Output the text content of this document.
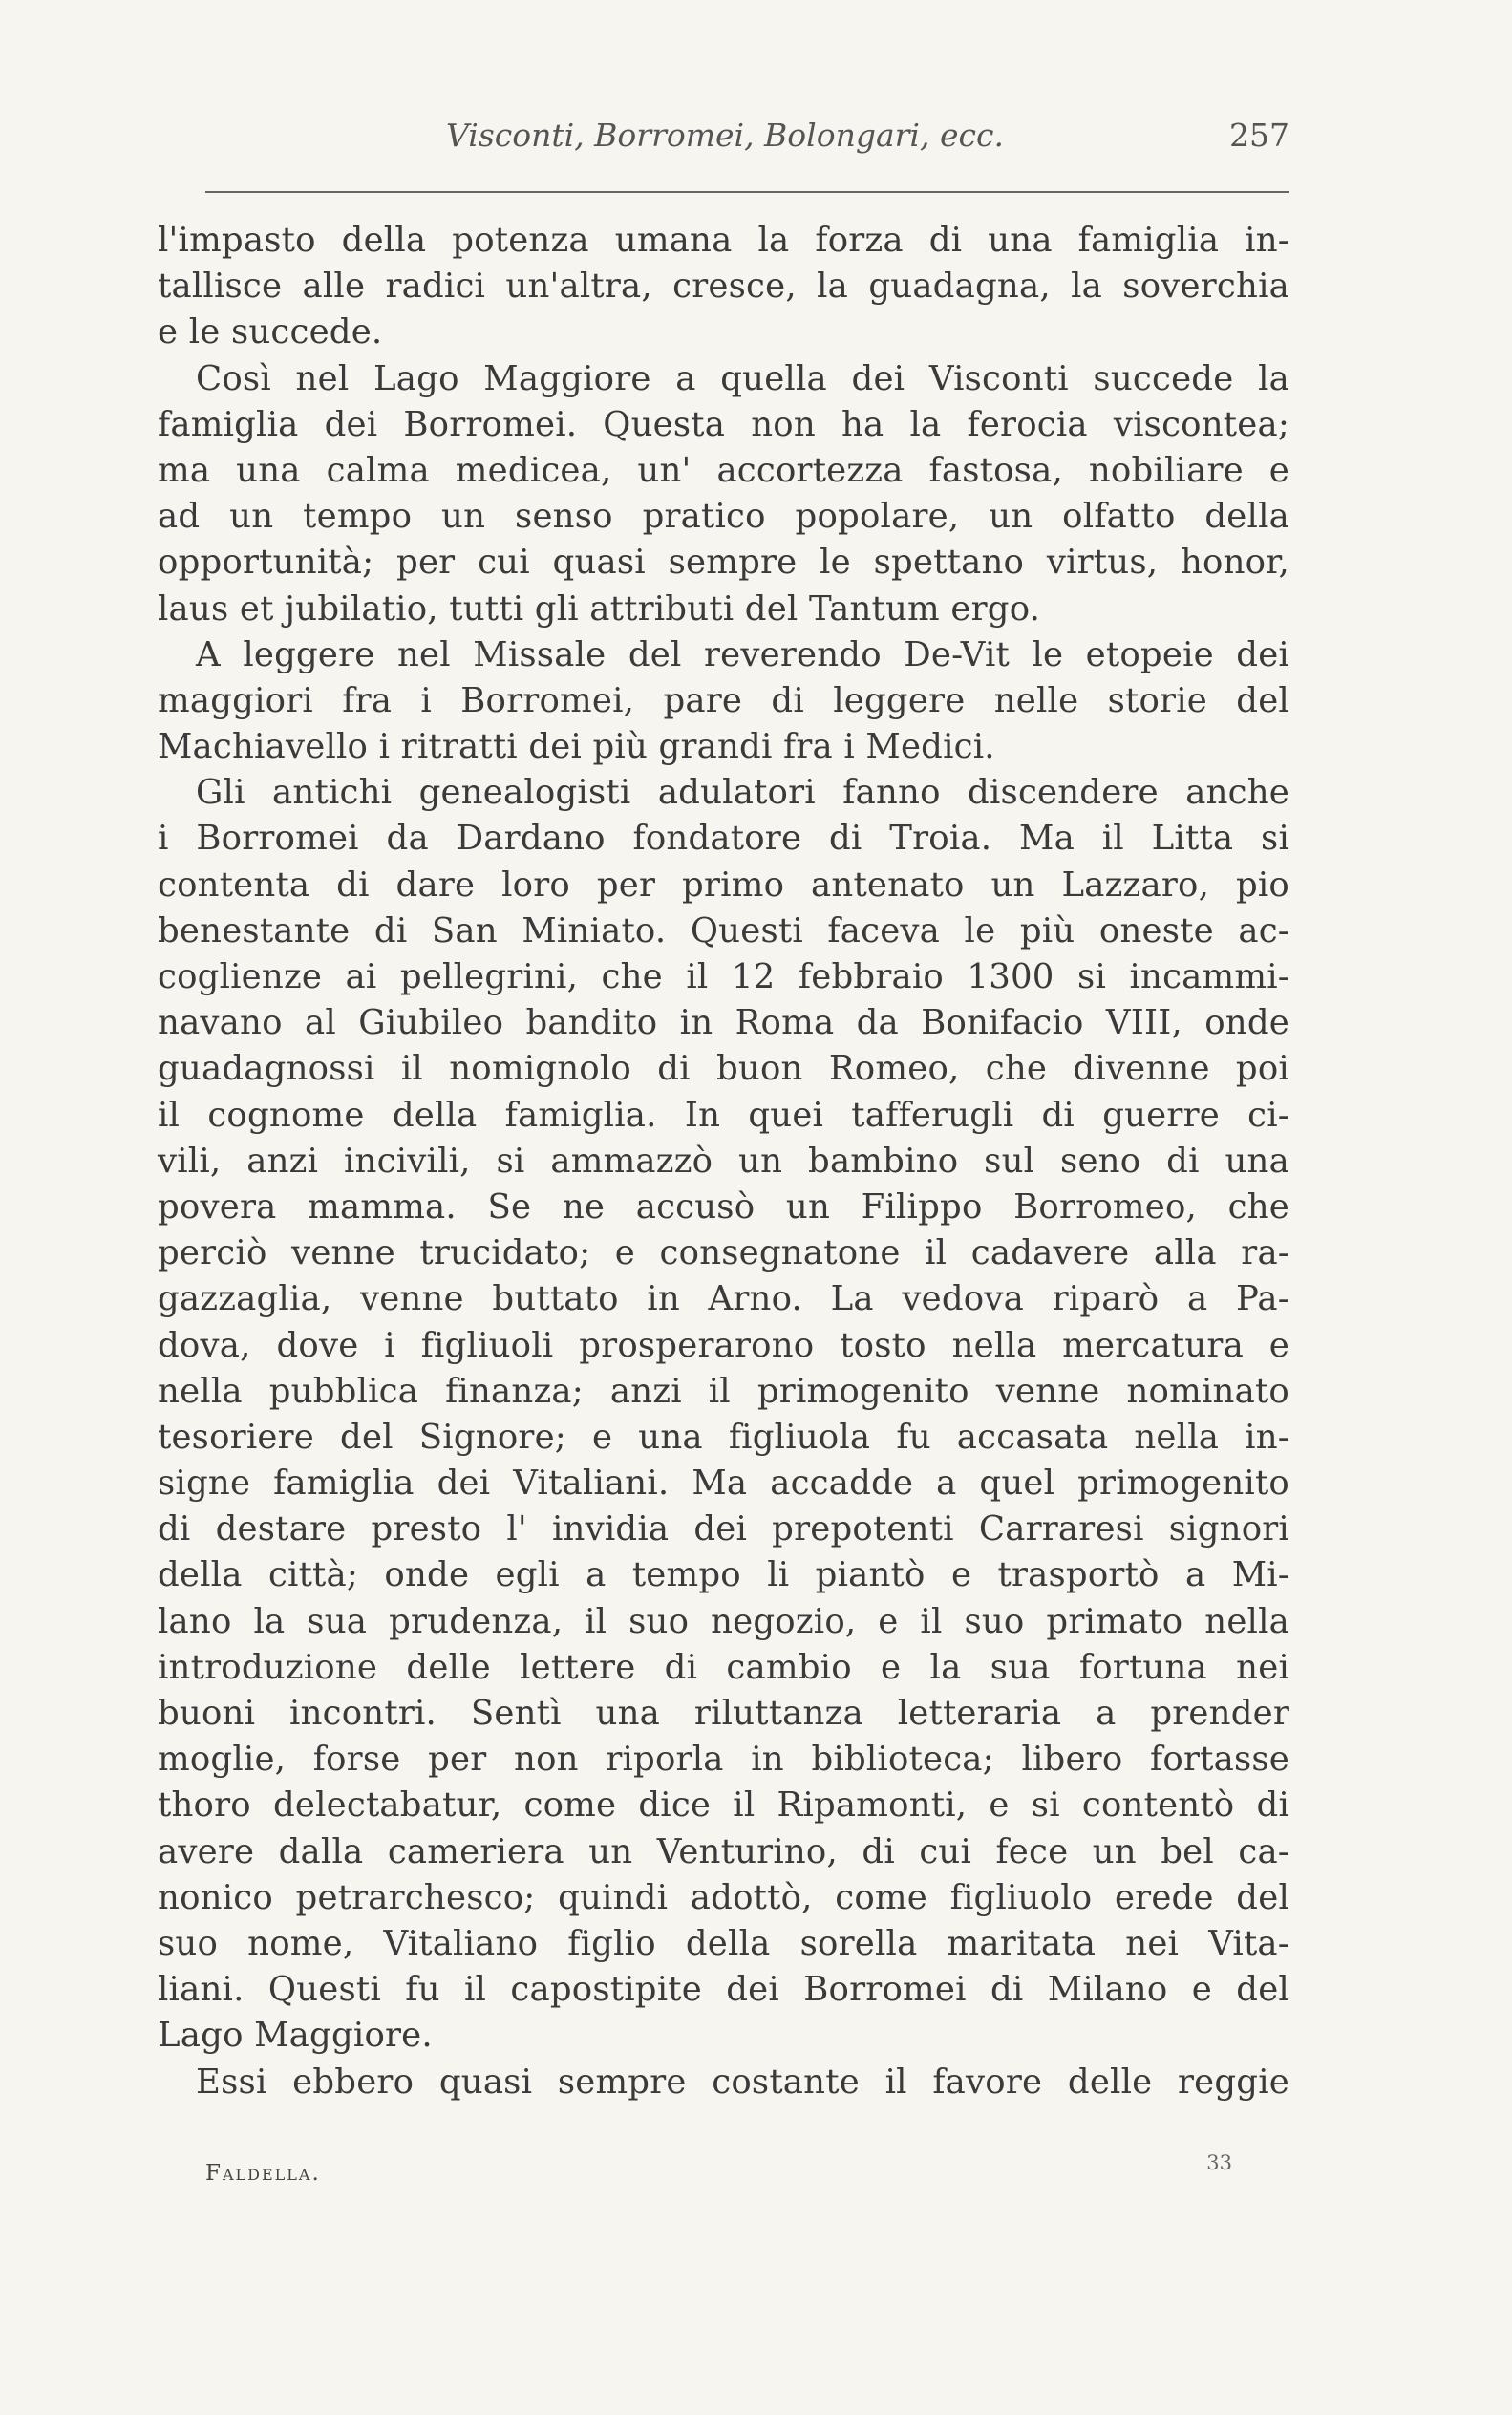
Visconti, Borromei, Bolongari, ecc.	257
l'impasto della potenza umana la forza di una famiglia in-
tallisce alle radici un'altra, cresce, la guadagna, la soverchia
e le succede.
Così nel Lago Maggiore a quella dei Visconti succede la
famiglia dei Borromei. Questa non ha la ferocia viscontea;
ma una calma medicea, un' accortezza fastosa, nobiliare e
ad un tempo un senso pratico popolare, un olfatto della
opportunità; per cui quasi sempre le spettano virtus, honor,
laus et jubilatio, tutti gli attributi del Tantum ergo.
A leggere nel Missale del reverendo De-Vit le etopeie dei
maggiori fra i Borromei, pare di leggere nelle storie del
Machiavello i ritratti dei più grandi fra i Medici.
Gli antichi genealogisti adulatori fanno discendere anche
i Borromei da Dardano fondatore di Troia. Ma il Litta si
contenta di dare loro per primo antenato un Lazzaro, pio
benestante di San Miniato. Questi faceva le più oneste ac-
coglienze ai pellegrini, che il 12 febbraio 1300 si incammi-
navano al Giubileo bandito in Roma da Bonifacio VIII, onde
guadagnossi il nomignolo di buon Romeo, che divenne poi
il cognome della famiglia. In quei tafferugli di guerre ci-
vili, anzi incivili, si ammazzò un bambino sul seno di una
povera mamma. Se ne accusò un Filippo Borromeo, che
perciò venne trucidato; e consegnatone il cadavere alla ra-
gazzaglia, venne buttato in Arno. La vedova riparò a Pa-
dova, dove i figliuoli prosperarono tosto nella mercatura e
nella pubblica finanza; anzi il primogenito venne nominato
tesoriere del Signore; e una figliuola fu accasata nella in-
signe famiglia dei Vitaliani. Ma accadde a quel primogenito
di destare presto l' invidia dei prepotenti Carraresi signori
della città; onde egli a tempo li piantò e trasportò a Mi-
lano la sua prudenza, il suo negozio, e il suo primato nella
introduzione delle lettere di cambio e la sua fortuna nei
buoni incontri. Sentì una riluttanza letteraria a prender
moglie, forse per non riporla in biblioteca; libero fortasse
thoro delectabatur, come dice il Ripamonti, e si contentò di
avere dalla cameriera un Venturino, di cui fece un bel ca-
nonico petrarchesco; quindi adottò, come figliuolo erede del
suo nome, Vitaliano figlio della sorella maritata nei Vita-
liani. Questi fu il capostipite dei Borromei di Milano e del
Lago Maggiore.
Essi ebbero quasi sempre costante il favore delle reggie
Faldella.	33
